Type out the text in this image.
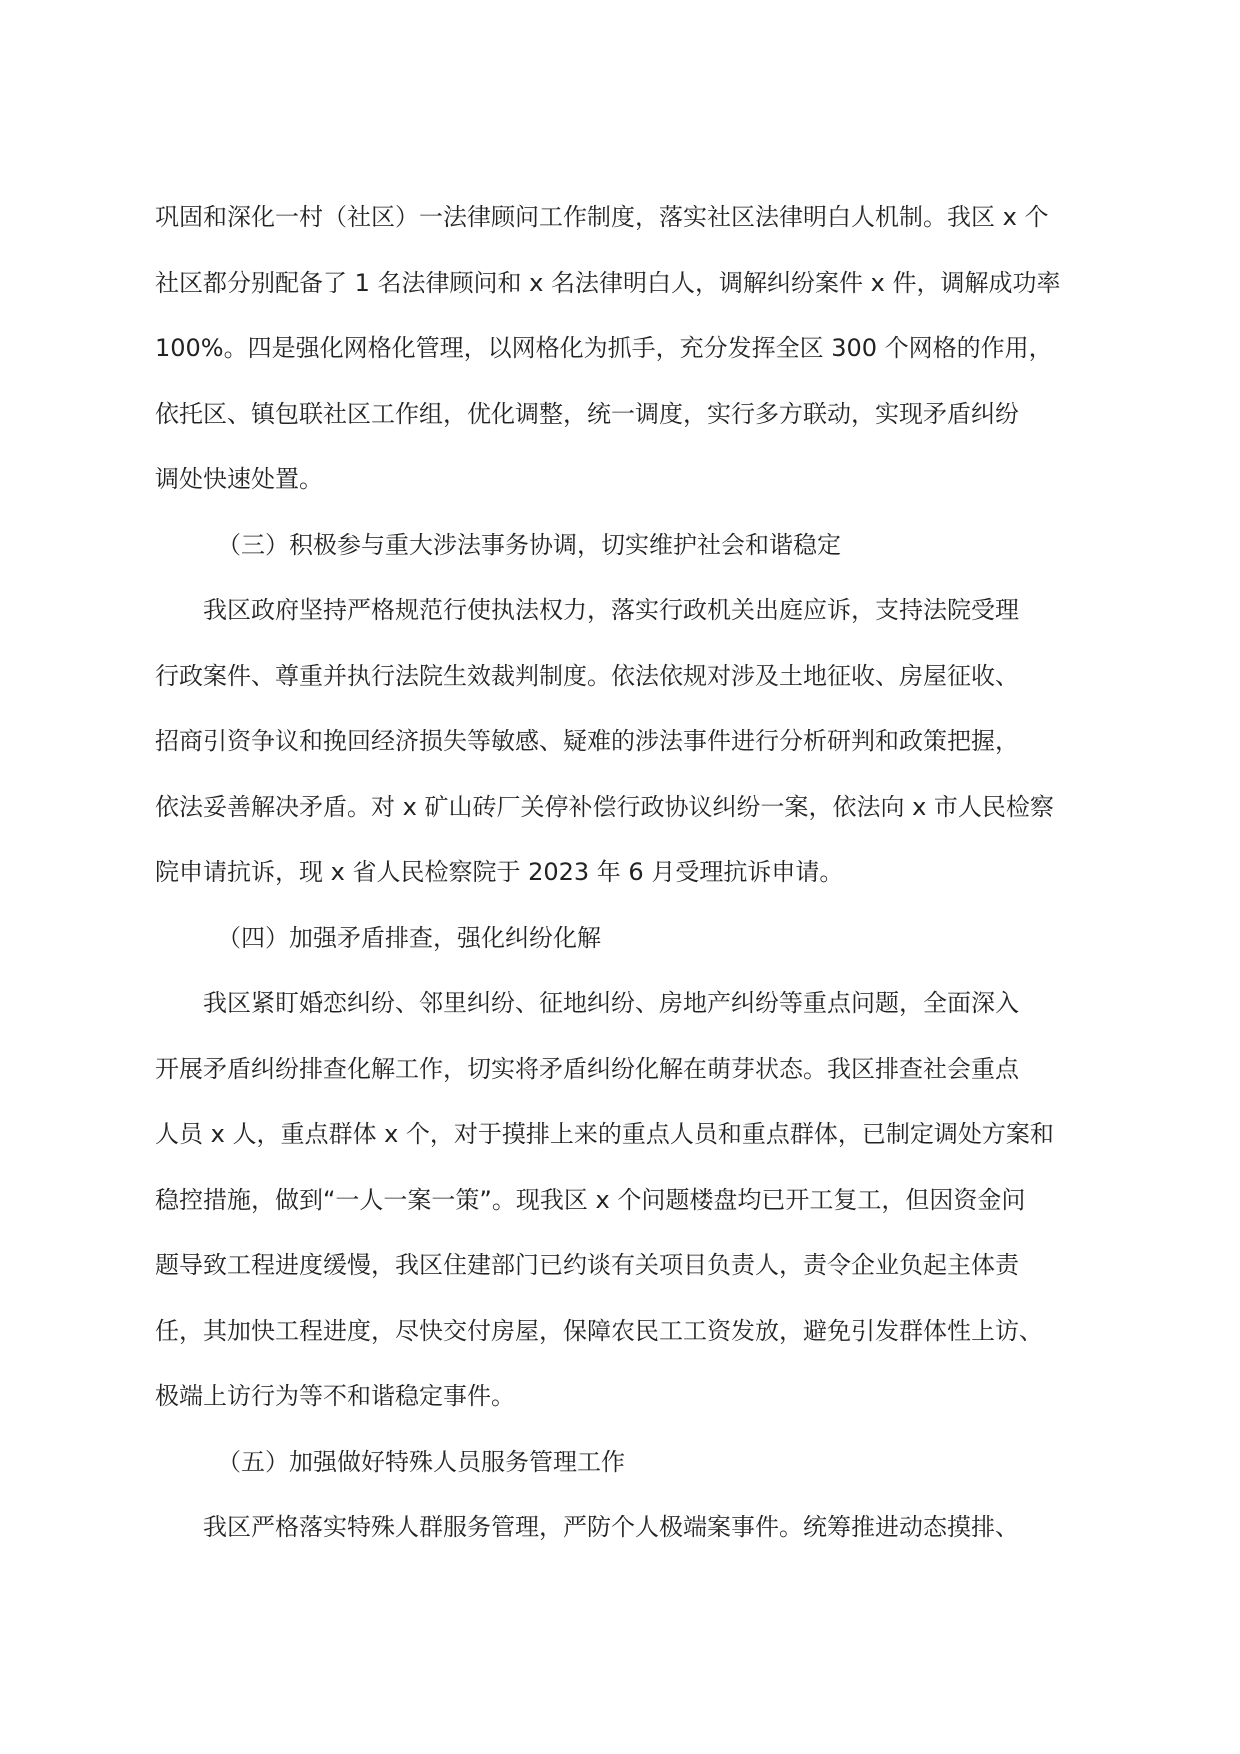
巩固和深化一村（社区）一法律顾问工作制度，落实社区法律明白人机制。我区 x 个

社区都分别配备了 1 名法律顾问和 x 名法律明白人，调解纠纷案件 x 件，调解成功率

100%。四是强化网格化管理，以网格化为抓手，充分发挥全区 300 个网格的作用，

依托区、镇包联社区工作组，优化调整，统一调度，实行多方联动，实现矛盾纠纷

调处快速处置。

（三）积极参与重大涉法事务协调，切实维护社会和谐稳定

我区政府坚持严格规范行使执法权力，落实行政机关出庭应诉，支持法院受理

行政案件、尊重并执行法院生效裁判制度。依法依规对涉及土地征收、房屋征收、

招商引资争议和挽回经济损失等敏感、疑难的涉法事件进行分析研判和政策把握，

依法妥善解决矛盾。对 x 矿山砖厂关停补偿行政协议纠纷一案，依法向 x 市人民检察

院申请抗诉，现 x 省人民检察院于 2023 年 6 月受理抗诉申请。

（四）加强矛盾排查，强化纠纷化解

我区紧盯婚恋纠纷、邻里纠纷、征地纠纷、房地产纠纷等重点问题，全面深入

开展矛盾纠纷排查化解工作，切实将矛盾纠纷化解在萌芽状态。我区排查社会重点

人员 x 人，重点群体 x 个，对于摸排上来的重点人员和重点群体，已制定调处方案和

稳控措施，做到“一人一案一策”。现我区 x 个问题楼盘均已开工复工，但因资金问

题导致工程进度缓慢，我区住建部门已约谈有关项目负责人，责令企业负起主体责

任，其加快工程进度，尽快交付房屋，保障农民工工资发放，避免引发群体性上访、

极端上访行为等不和谐稳定事件。

（五）加强做好特殊人员服务管理工作

我区严格落实特殊人群服务管理，严防个人极端案事件。统筹推进动态摸排、
